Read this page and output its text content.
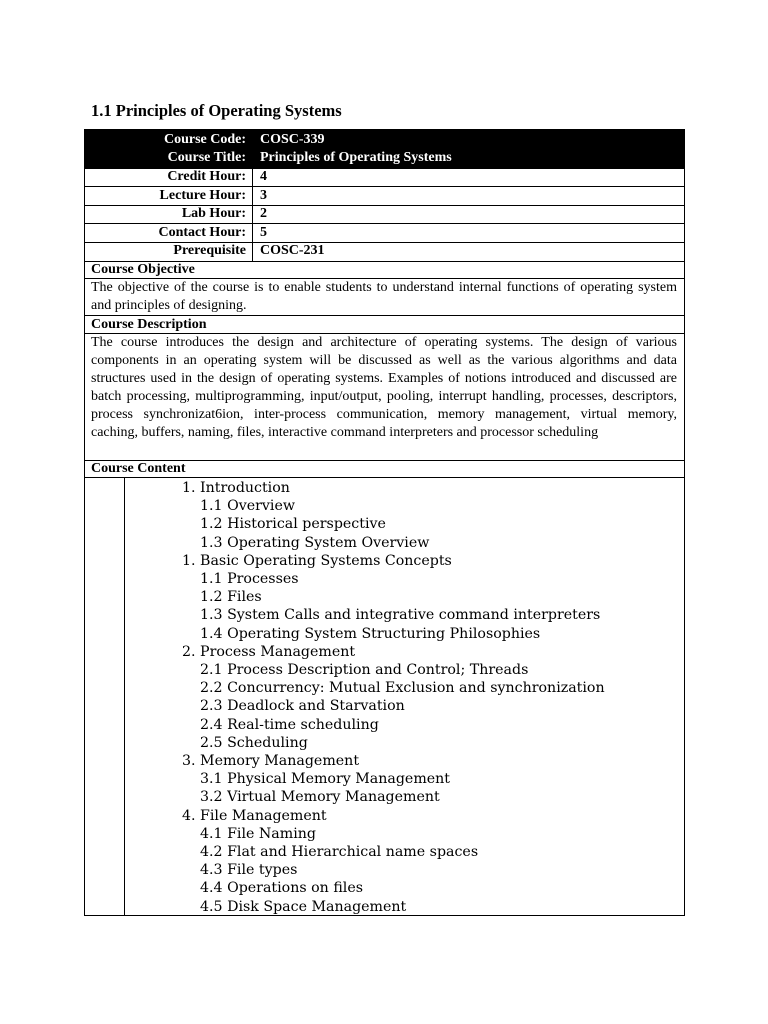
1.1 Principles of Operating Systems
Course Code: COSC-339
Course Title: Principles of Operating Systems
Credit Hour: 4
Lecture Hour: 3
Lab Hour: 2
Contact Hour: 5
Prerequisite COSC-231
Course Objective
The objective of the course is to enable students to understand internal functions of operating system and principles of designing.
Course Description
The course introduces the design and architecture of operating systems. The design of various components in an operating system will be discussed as well as the various algorithms and data structures used in the design of operating systems. Examples of notions introduced and discussed are batch processing, multiprogramming, input/output, pooling, interrupt handling, processes, descriptors, process synchronizat6ion, inter-process communication, memory management, virtual memory, caching, buffers, naming, files, interactive command interpreters and processor scheduling
Course Content
1. Introduction
1.1 Overview
1.2 Historical perspective
1.3 Operating System Overview
1. Basic Operating Systems Concepts
1.1 Processes
1.2 Files
1.3 System Calls and integrative command interpreters
1.4 Operating System Structuring Philosophies
2. Process Management
2.1 Process Description and Control; Threads
2.2 Concurrency: Mutual Exclusion and synchronization
2.3 Deadlock and Starvation
2.4 Real-time scheduling
2.5 Scheduling
3. Memory Management
3.1 Physical Memory Management
3.2 Virtual Memory Management
4. File Management
4.1 File Naming
4.2 Flat and Hierarchical name spaces
4.3 File types
4.4 Operations on files
4.5 Disk Space Management
